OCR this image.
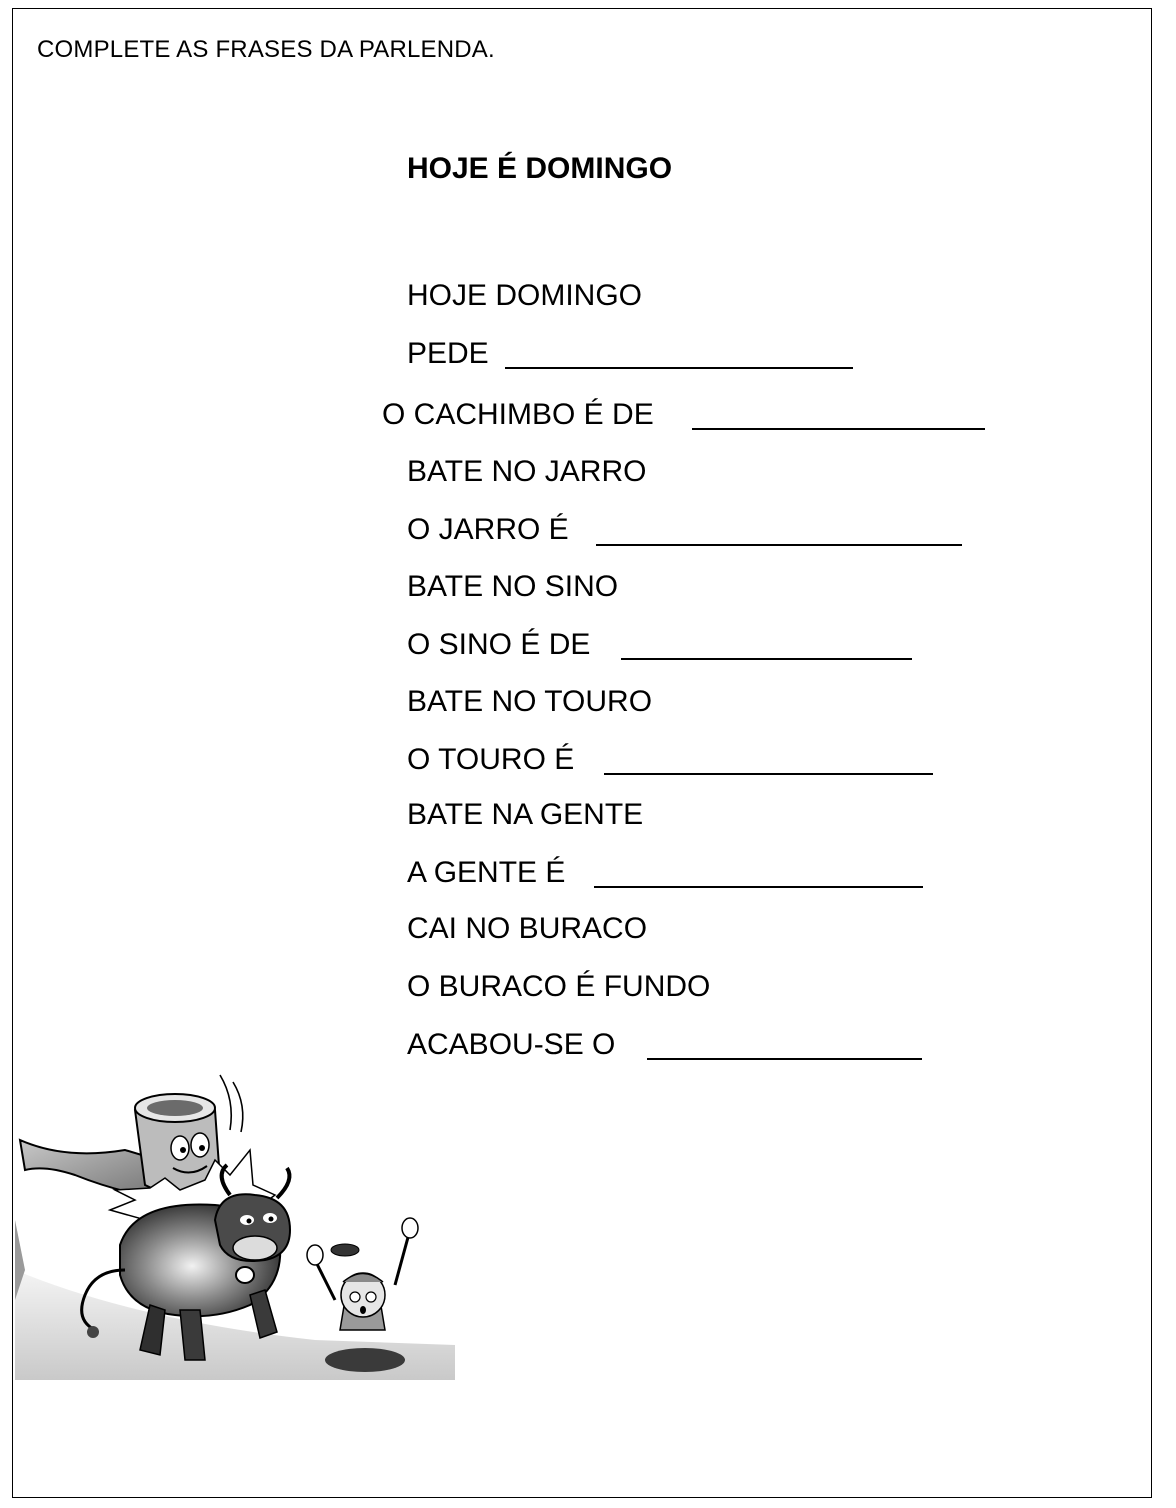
COMPLETE AS FRASES DA PARLENDA.
HOJE É DOMINGO
HOJE DOMINGO
PEDE
O CACHIMBO É DE
BATE NO JARRO
O JARRO É
BATE NO SINO
O SINO É DE
BATE NO TOURO
O TOURO É
BATE NA GENTE
A GENTE É
CAI NO BURACO
O BURACO É FUNDO
ACABOU-SE O
